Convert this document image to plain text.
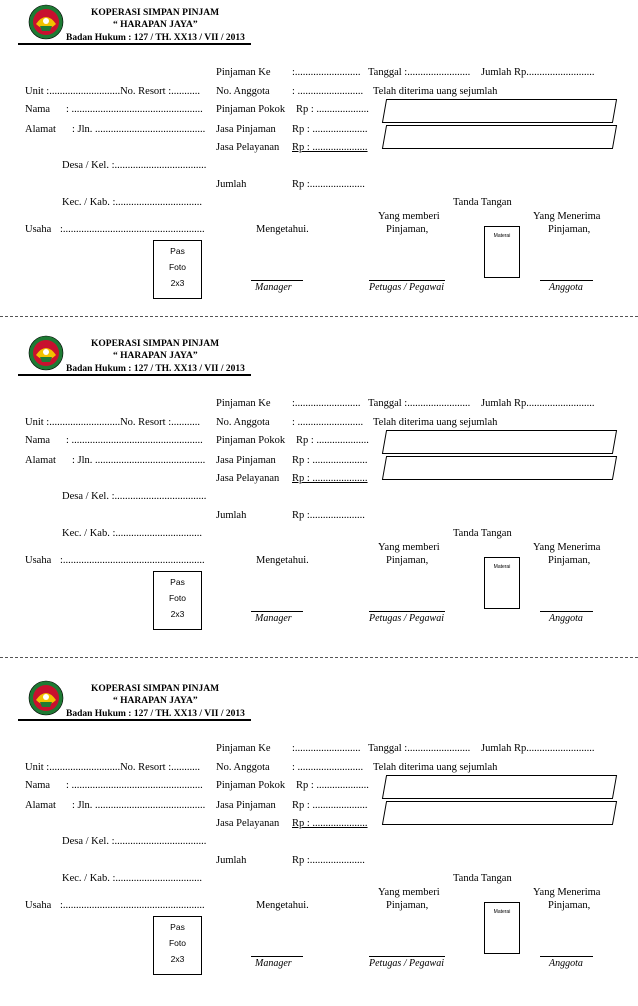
KOPERASI SIMPAN PINJAM
“ HARAPAN JAYA”
Badan Hukum : 127 / TH. XX13 / VII / 2013
Pinjaman Ke :......................... Tanggal :........................ Jumlah Rp..........................
Unit :...........................No. Resort :........... No. Anggota : ......................... Telah diterima uang sejumlah
Nama : .................................................. Pinjaman Pokok Rp : ....................
Alamat : Jln. .......................................... Jasa Pinjaman Rp : .....................
Jasa Pelayanan Rp : .....................
Desa / Kel. :...................................
Jumlah	Rp :.....................
Kec. / Kab. :.................................	Tanda Tangan
Yang memberi	Yang Menerima
Usaha :......................................................	Mengetahui.	Pinjaman,	Pinjaman,
Pas
Foto
2x3
Materai
Manager	Petugas / Pegawai	Anggota
KOPERASI SIMPAN PINJAM
“ HARAPAN JAYA”
Badan Hukum : 127 / TH. XX13 / VII / 2013
Pinjaman Ke :......................... Tanggal :........................ Jumlah Rp..........................
Unit :...........................No. Resort :........... No. Anggota : ......................... Telah diterima uang sejumlah
Nama : .................................................. Pinjaman Pokok Rp : ....................
Alamat : Jln. .......................................... Jasa Pinjaman Rp : .....................
Jasa Pelayanan Rp : .....................
Desa / Kel. :...................................
Jumlah	Rp :.....................
Kec. / Kab. :.................................	Tanda Tangan
Yang memberi	Yang Menerima
Usaha :......................................................	Mengetahui.	Pinjaman,	Pinjaman,
Pas
Foto
2x3
Materai
Manager	Petugas / Pegawai	Anggota
KOPERASI SIMPAN PINJAM
“ HARAPAN JAYA”
Badan Hukum : 127 / TH. XX13 / VII / 2013
Pinjaman Ke :......................... Tanggal :........................ Jumlah Rp..........................
Unit :...........................No. Resort :........... No. Anggota : ......................... Telah diterima uang sejumlah
Nama : .................................................. Pinjaman Pokok Rp : ....................
Alamat : Jln. .......................................... Jasa Pinjaman Rp : .....................
Jasa Pelayanan Rp : .....................
Desa / Kel. :...................................
Jumlah	Rp :.....................
Kec. / Kab. :.................................	Tanda Tangan
Yang memberi	Yang Menerima
Usaha :......................................................	Mengetahui.	Pinjaman,	Pinjaman,
Pas
Foto
2x3
Materai
Manager	Petugas / Pegawai	Anggota
